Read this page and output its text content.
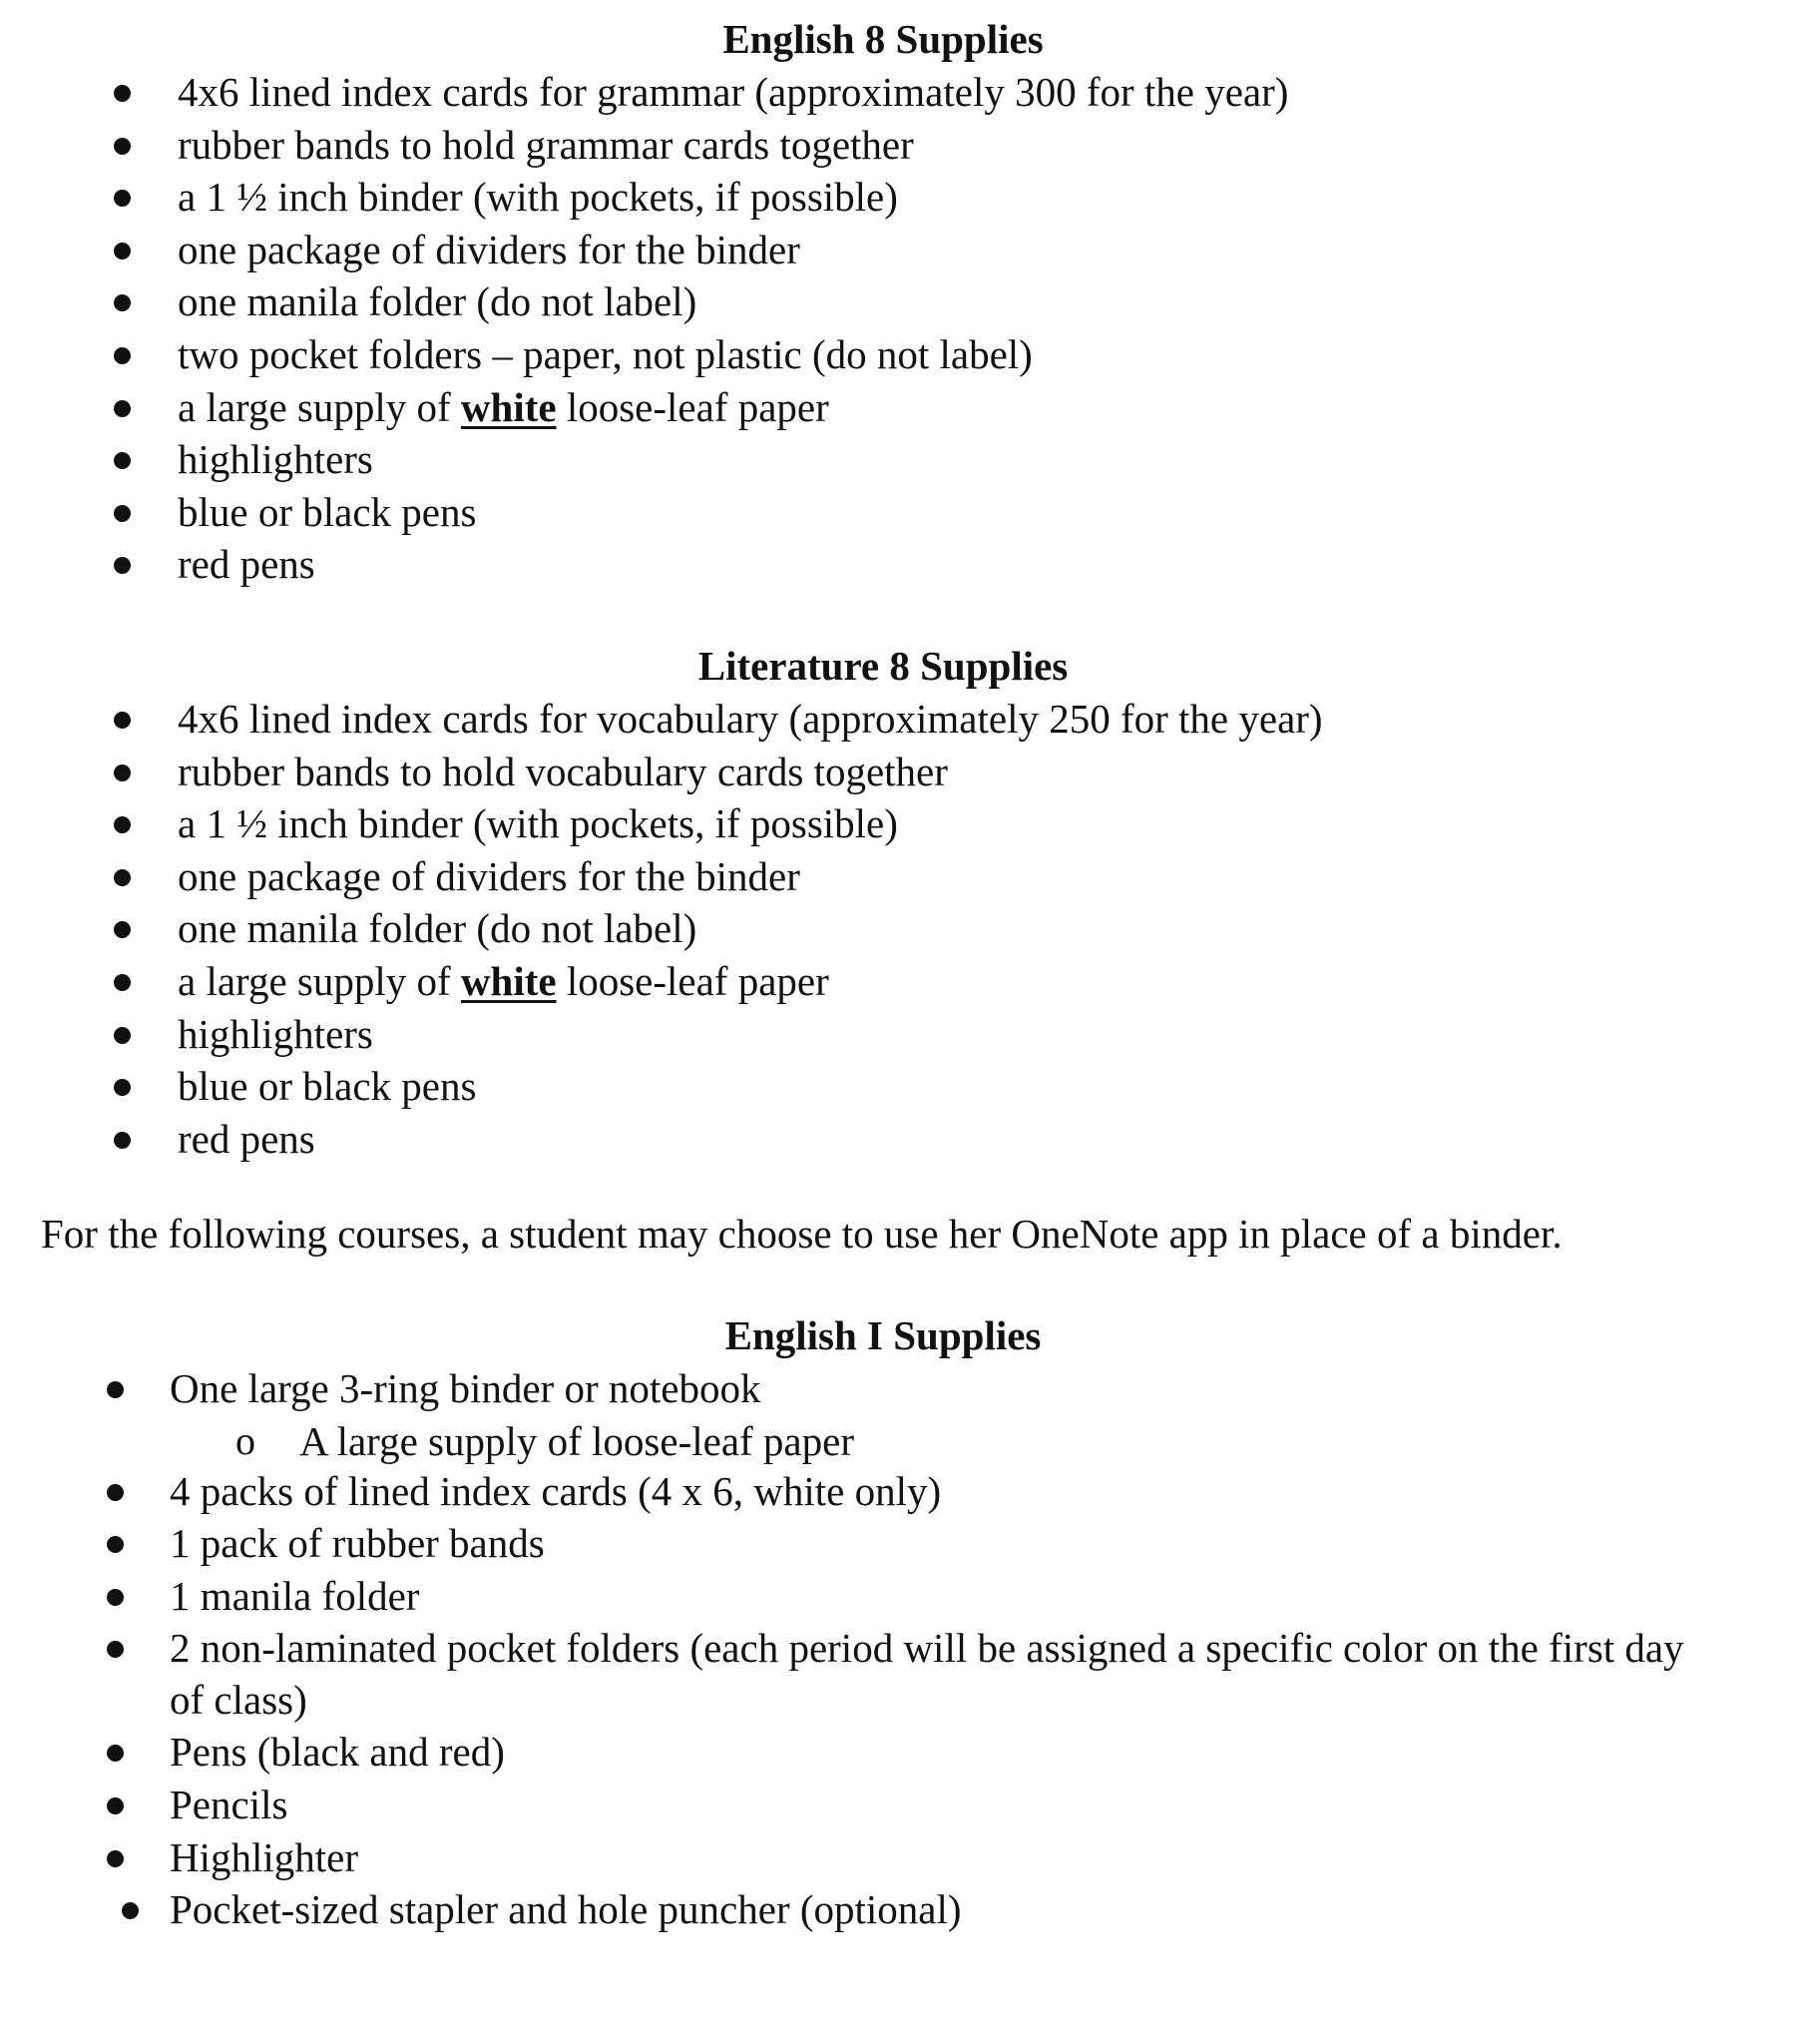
English 8 Supplies
4x6 lined index cards for grammar (approximately 300 for the year)
rubber bands to hold grammar cards together
a 1 ½ inch binder (with pockets, if possible)
one package of dividers for the binder
one manila folder (do not label)
two pocket folders – paper, not plastic (do not label)
a large supply of white loose-leaf paper
highlighters
blue or black pens
red pens
Literature 8 Supplies
4x6 lined index cards for vocabulary (approximately 250 for the year)
rubber bands to hold vocabulary cards together
a 1 ½ inch binder (with pockets, if possible)
one package of dividers for the binder
one manila folder (do not label)
a large supply of white loose-leaf paper
highlighters
blue or black pens
red pens

For the following courses, a student may choose to use her OneNote app in place of a binder.

English I Supplies
One large 3-ring binder or notebook
o A large supply of loose-leaf paper
4 packs of lined index cards (4 x 6, white only)
1 pack of rubber bands
1 manila folder
2 non-laminated pocket folders (each period will be assigned a specific color on the first day of class)
Pens (black and red)
Pencils
Highlighter
Pocket-sized stapler and hole puncher (optional)
